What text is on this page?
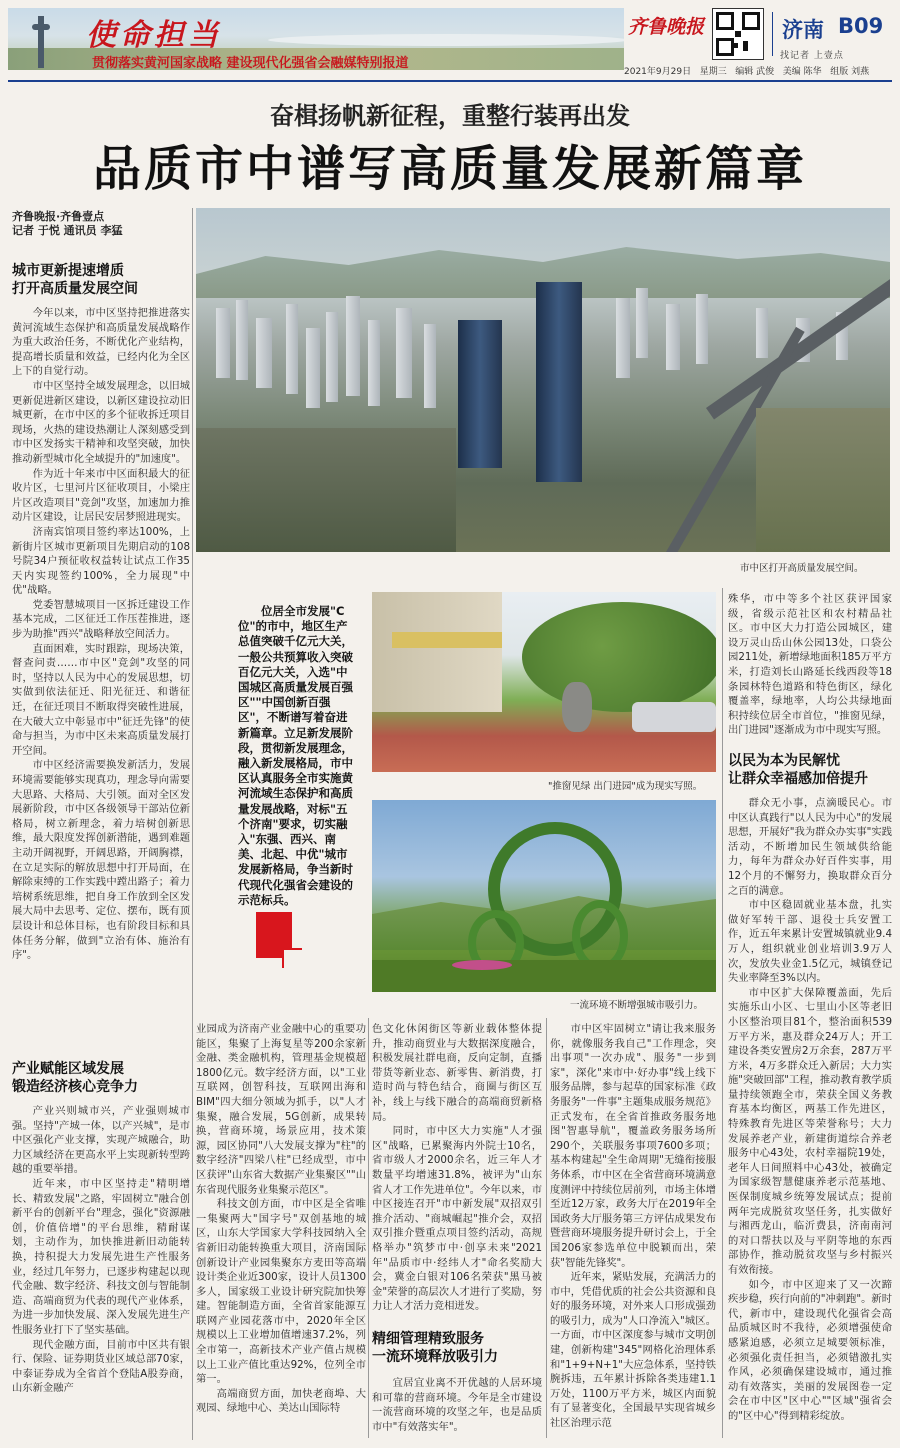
使命担当
贯彻落实黄河国家战略 建设现代化强省会融媒特别报道
齐鲁晚报	济南 B09
找记者 上壹点
2021年9月29日 星期三 编辑 武俊 美编 陈华 组版 刘燕
奋楫扬帆新征程，重整行装再出发
品质市中谱写高质量发展新篇章
齐鲁晚报·齐鲁壹点
记者 于悦 通讯员 李猛
城市更新提速增质
打开高质量发展空间

今年以来，市中区坚持把推进落实黄河流域生态保护和高质量发展战略作为重大政治任务，不断优化产业结构，提高增长质量和效益，已经内化为全区上下的自觉行动。

市中区坚持全域发展理念，以旧城更新促进新区建设，以新区建设拉动旧城更新，在市中区的多个征收拆迁项目现场，火热的建设热潮让人深刻感受到市中区发扬实干精神和攻坚突破，加快推动新型城市化全域提升的"加速度"。

作为近十年来市中区面积最大的征收片区，七里河片区征收项目，小梁庄片区改造项目"竞剑"攻坚，加速加力推动片区建设，让居民安居梦照进现实。

济南宾馆项目签约率达100%，上新街片区城市更新项目先期启动的108号院34户预征收权益转让试点工作35天内实现签约100%，全力展现"中优"战略。

党委智慧城项目一区拆迁建设工作基本完成，二区征迁工作压茬推进，逐步为助推"西兴"战略释放空间活力。

直面困难，实时跟踪，现场决策，督查问责……市中区"竞剑"攻坚的同时，坚持以人民为中心的发展思想，切实做到依法征迁、阳光征迁、和谐征迁，在征迁项目不断取得突破性进展，在大破大立中彰显市中"征迁先锋"的使命与担当，为市中区未来高质量发展打开空间。

市中区经济需要换发新活力，发展环境需要能够实现真功，理念导向需要大思路、大格局、大引领。面对全区发展新阶段，市中区各级领导干部站位新格局，树立新理念，着力培树创新思维，最大限度发挥创新潜能，遇到难题主动开阔视野，开阔思路，开阔胸襟，在立足实际的解放思想中打开局面，在解除束缚的工作实践中蹚出路子；着力培树系统思维，把自身工作放到全区发展大局中去思考、定位、摆布，既有顶层设计和总体目标，也有阶段目标和具体任务分解，做到"立治有体、施治有序"。

产业赋能区域发展
锻造经济核心竞争力

产业兴则城市兴，产业强则城市强。坚持"产城一体，以产兴城"，是市中区强化产业支撑，实现产城融合，助力区域经济在更高水平上实现新转型跨越的重要举措。

近年来，市中区坚持走"精明增长、精致发展"之路，牢固树立"融合创新平台的创新平台"理念，强化"资源融创，价值倍增"的平台思维，精耐谋划，主动作为，加快推进新旧动能转换，持积提大力发展先进生产性服务业，经过几年努力，已逐步构建起以现代金融、数字经济、科技文创与智能制造、高端商贸为代表的现代产业体系，为进一步加快发展、深入发展先进生产性服务业打下了坚实基础。

现代金融方面，目前市中区共有银行、保险、证券期货业区域总部70家，中泰证券成为全省首个登陆A股券商，山东新金融产

市中区打开高质量发展空间。
位居全市发展"C位"的市中，地区生产总值突破千亿元大关，一般公共预算收入突破百亿元大关，入选"中国城区高质量发展百强区""中国创新百强区"，不断谱写着奋进新篇章。立足新发展阶段，贯彻新发展理念，融入新发展格局，市中区认真服务全市实施黄河流域生态保护和高质量发展战略，对标"五个济南"要求，切实融入"东强、西兴、南美、北起、中优"城市发展新格局，争当新时代现代化强省会建设的示范标兵。
"推窗见绿 出门进园"成为现实写照。
一流环境不断增强城市吸引力。

业园成为济南产业金融中心的重要功能区，集聚了上海复星等200余家新金融、类金融机构，管理基金规模超1800亿元。数字经济方面，以"工业互联网，创智科技，互联网出海和BIM"四大细分领域为抓手，以"人才集聚，融合发展，5G创新，成果转换，营商环境，场景应用，技术策源，园区协同"八大发展支撑为"柱"的数字经济"四梁八柱"已经成型，市中区获评"山东省大数据产业集聚区""山东省现代服务业集聚示范区"。

科技文创方面，市中区是全省唯一集聚两大"国字号"双创基地的城区，山东大学国家大学科技园纳入全省新旧动能转换重大项目，济南国际创新设计产业园集聚东方麦田等高端设计类企业近300家，设计人员1300多人，国家级工业设计研究院加快筹建。智能制造方面，全省首家能源互联网产业园花落市中，2020年全区规模以上工业增加值增速37.2%，列全市第一，高新技术产业产值占规模以上工业产值比重达92%，位列全市第一。

高端商贸方面，加快老商埠、大观园、绿地中心、美达山国际特

色文化休闲街区等新业载体整体提升，推动商贸业与大数据深度融合，积极发展社群电商，反向定制，直播带货等新业态、新零售、新消费，打造时尚与特色结合，商圈与街区互补，线上与线下融合的高端商贸新格局。

同时，市中区大力实施"人才强区"战略，已累聚海内外院士10名，省市级人才2000余名，近三年人才数量平均增速31.8%，被评为"山东省人才工作先进单位"。今年以来，市中区接连召开"市中新发展"双招双引推介活动、"商城崛起"推介会，双招双引推介暨重点项目签约活动，高规格举办"筑梦市中·创享未来"2021年"品质市中·经纬人才"命名奖励大会，冀金白银对106名荣获"黑马被金"荣誉的高层次人才进行了奖励，努力让人才活力竞相迸发。

精细管理精致服务
一流环境释放吸引力

宜居宜业离不开优越的人居环境和可靠的营商环境。今年是全市建设一流营商环境的攻坚之年，也是品质市中"有效落实年"。

市中区牢固树立"请让我来服务你，就像服务我自己"工作理念，突出事项"一次办成"、服务"一步到家"，深化"来市中·好办事"线上线下服务品牌，参与起草的国家标准《政务服务"一件事"主题集成服务规范》正式发布，在全省首推政务服务地图"智惠导航"，覆盖政务服务场所290个，关联服务事项7600多项；基本构建起"全生命周期"无缝衔接服务体系，市中区在全省营商环境满意度测评中持续位居前列，市场主体增至近12万家，政务大厅在2019年全国政务大厅服务第三方评估成果发布暨营商环境服务提升研讨会上，于全国206家参选单位中脱颖而出，荣获"智能先锋奖"。

近年来，紧贴发展，充满活力的市中，凭借优质的社会公共资源和良好的服务环境，对外来人口形成强劲的吸引力，成为"人口净流入"城区。一方面，市中区深度参与城市文明创建，创新构建"345"网格化治理体系和"1+9+N+1"大应急体系，坚持铁腕拆违，五年累计拆除各类违建1.1万处，1100万平方米，城区内面貌有了显著变化，全国最早实现省城乡社区治理示范

殊华，市中等多个社区获评国家级，省级示范社区和农村精品社区。市中区大力打造公园城区，建设万灵山岳山休公园13处，口袋公园211处，新增绿地面积185万平方米，打造刘长山路延长线西段等18条园林特色道路和特色街区，绿化覆盖率，绿地率，人均公共绿地面积持续位居全市首位，"推窗见绿，出门进园"逐渐成为市中现实写照。

以民为本为民解忧
让群众幸福感加倍提升

群众无小事，点滴暖民心。市中区认真践行"以人民为中心"的发展思想，开展好"我为群众办实事"实践活动，不断增加民生领域供给能力，每年为群众办好百件实事，用12个月的不懈努力，换取群众百分之百的满意。

市中区稳固就业基本盘，扎实做好军转干部、退役士兵安置工作，近五年来累计安置城镇就业9.4万人，组织就业创业培训3.9万人次，发放失业金1.5亿元，城镇登记失业率降至3%以内。

市中区扩大保障覆盖面，先后实施乐山小区、七里山小区等老旧小区整治项目81个，整治面积539万平方米，惠及群众24万人；开工建设各类安置房2万余套，287万平方米，4万多群众迁入新居；大力实施"突破回部"工程，推动教育教学质量持续领跑全市，荣获全国义务教育基本均衡区，两基工作先进区，特殊教育先进区等荣誉称号；大力发展养老产业，新建街道综合养老服务中心43处，农村幸福院19处，老年人日间照料中心43处，被确定为国家级智慧健康养老示范基地、医保制度城乡统筹发展试点；提前两年完成脱贫攻坚任务，扎实做好与湘西龙山，临沂费县，济南南河的对口帮扶以及与平阴等地的东西部协作，推动脱贫攻坚与乡村振兴有效衔接。

如今，市中区迎来了又一次蹄疾步稳，疾行向前的"冲刺跑"。新时代，新市中，建设现代化强省会高品质城区时不我待，必须增强使命感紧迫感，必须立足城要领标准，必须强化责任担当，必须错激扎实作风，必须确保建设城市，通过推动有效落实，美丽的发展图卷一定会在市中区"区中心""区域"强省会的"区中心"得到精彩绽放。
